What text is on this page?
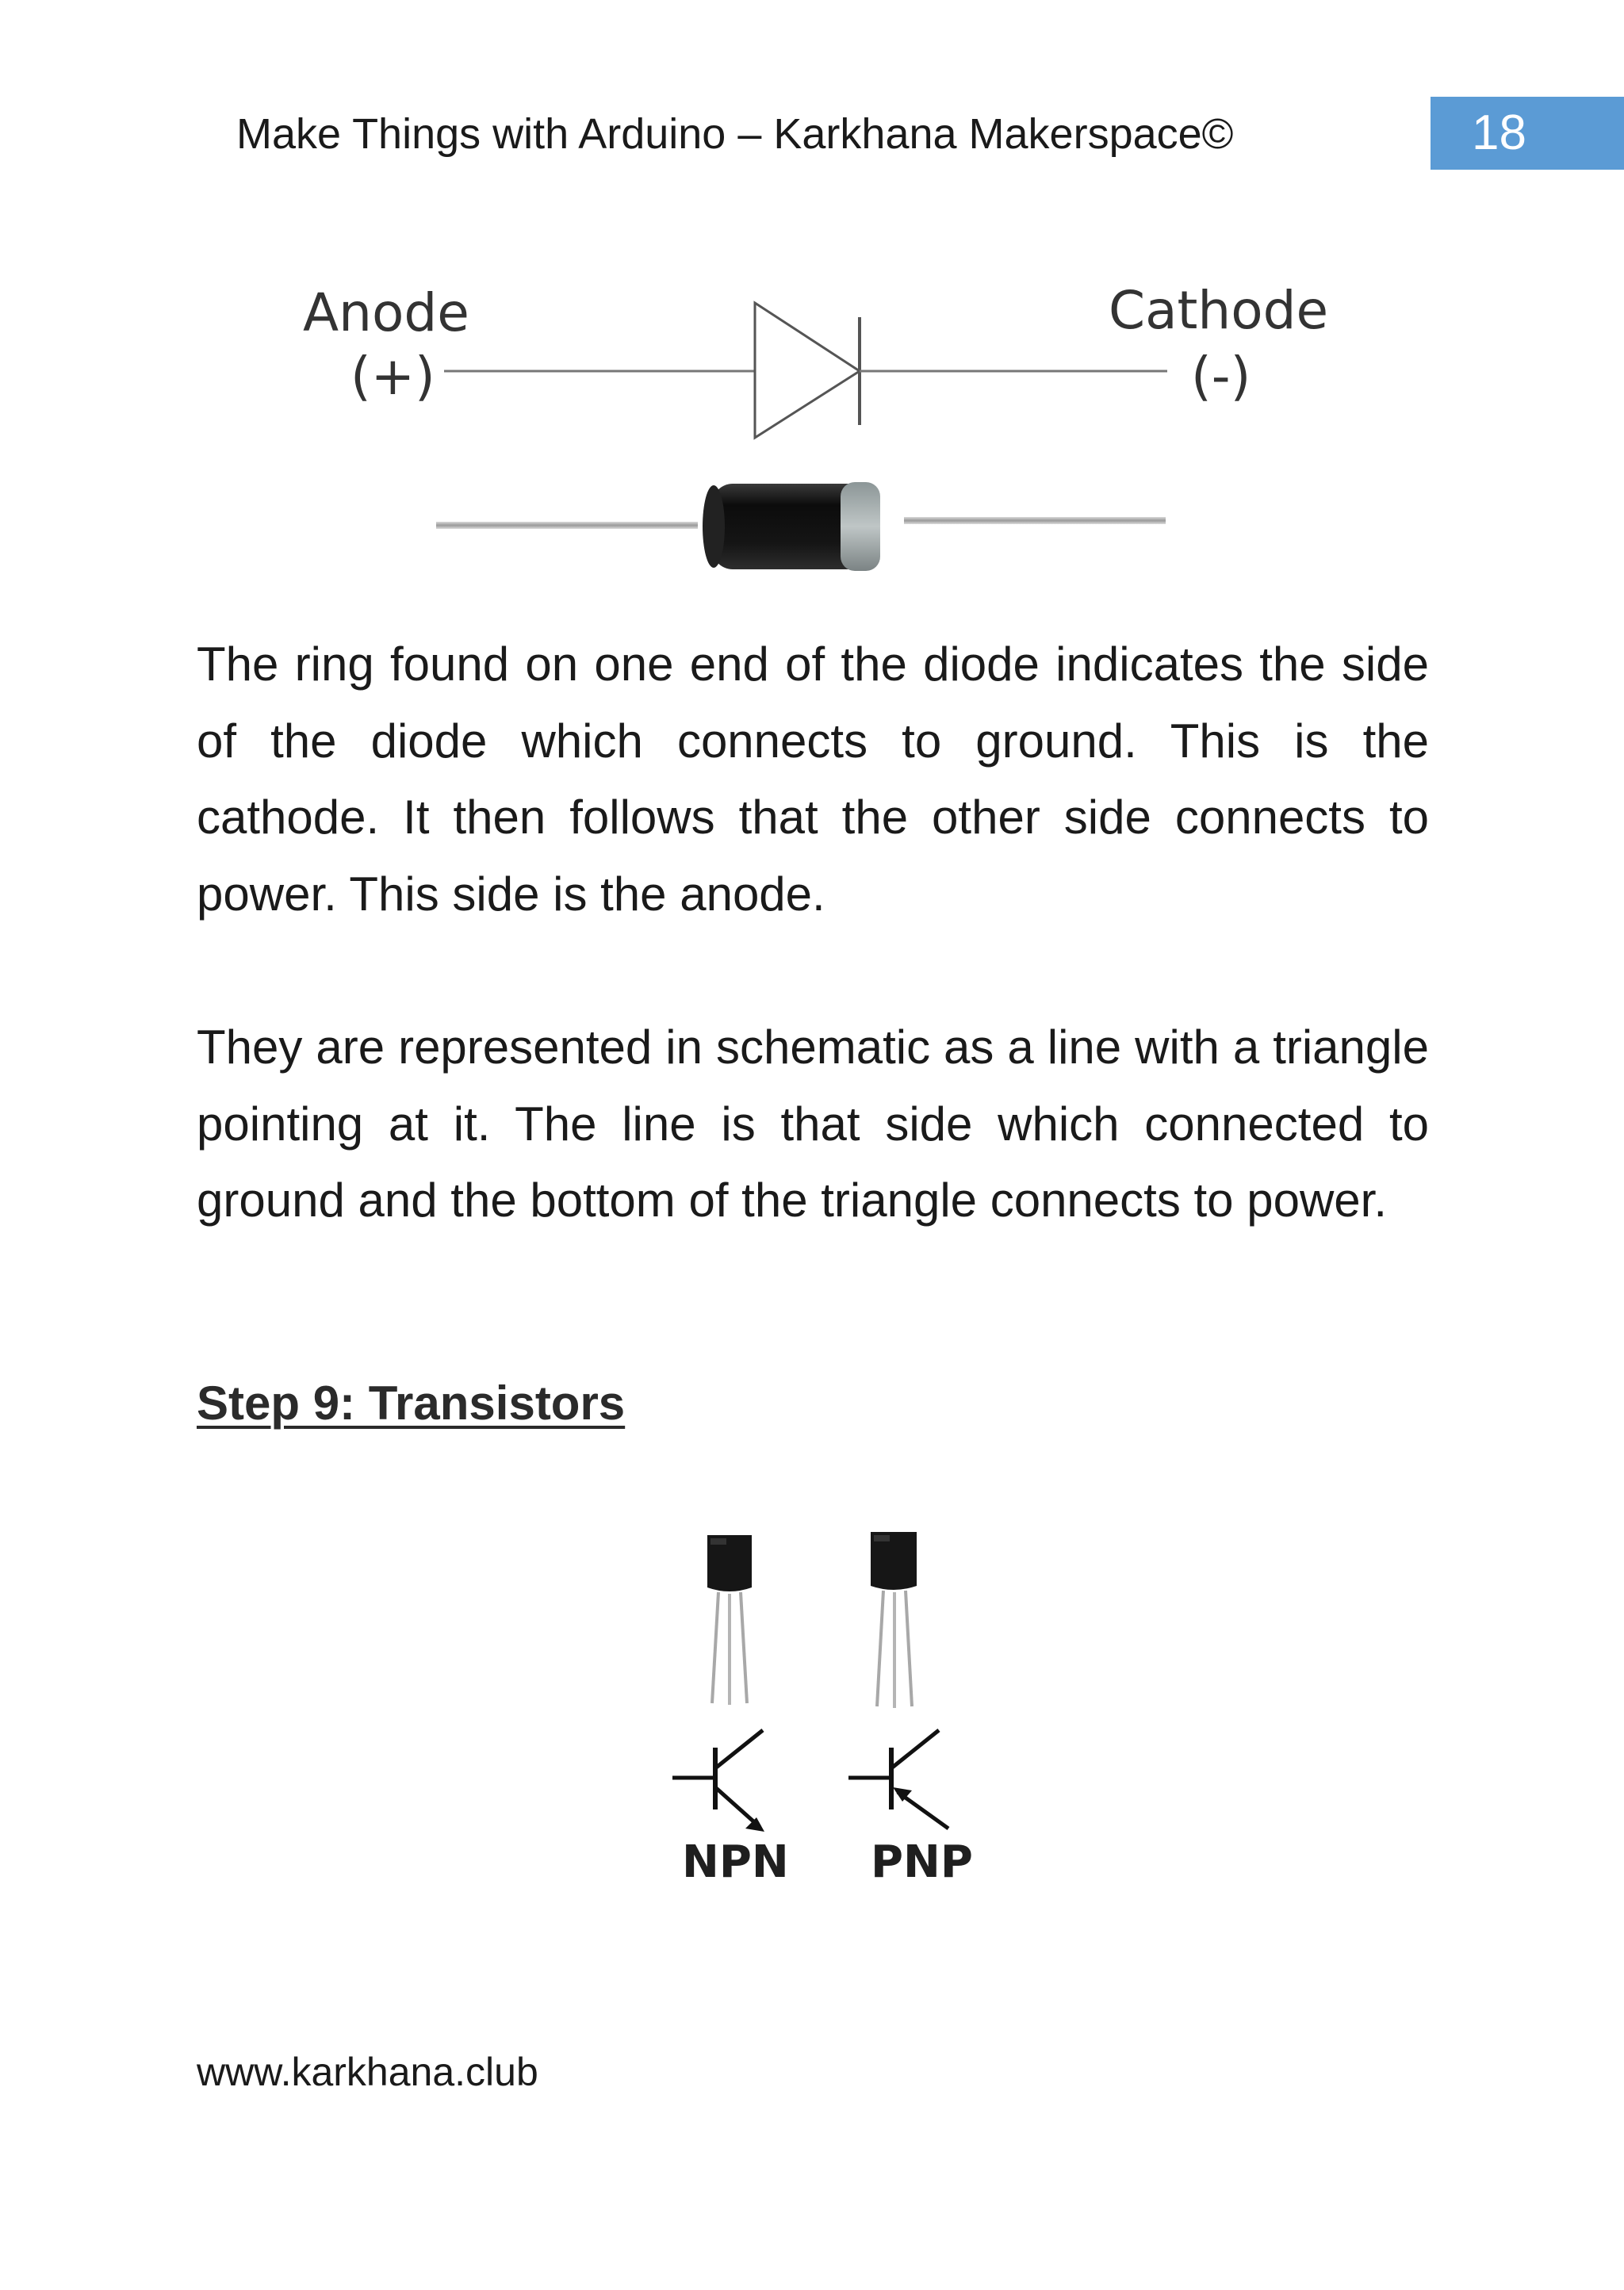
Make Things with Arduino – Karkhana Makerspace©	18
Anode
(+)
Cathode
(-)

The ring found on one end of the diode indicates the side of the diode which connects to ground. This is the cathode. It then follows that the other side connects to power. This side is the anode.

They are represented in schematic as a line with a triangle pointing at it. The line is that side which connected to ground and the bottom of the triangle connects to power.

Step 9: Transistors
NPN PNP
www.karkhana.club
